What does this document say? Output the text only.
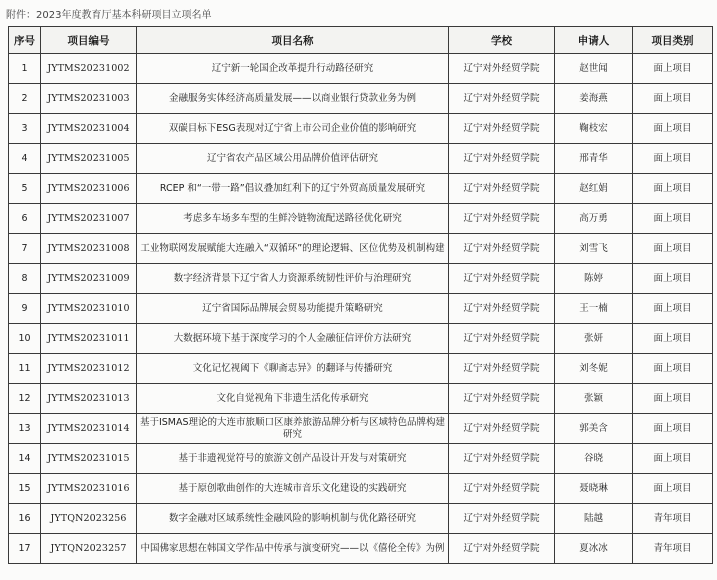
附件：2023年度教育厅基本科研项目立项名单
序号	项目编号	项目名称	学校	申请人	项目类别
1	JYTMS20231002	辽宁新一轮国企改革提升行动路径研究	辽宁对外经贸学院	赵世闻	面上项目
2	JYTMS20231003	金融服务实体经济高质量发展——以商业银行贷款业务为例	辽宁对外经贸学院	姜海燕	面上项目
3	JYTMS20231004	双碳目标下ESG表现对辽宁省上市公司企业价值的影响研究	辽宁对外经贸学院	鞠枝宏	面上项目
4	JYTMS20231005	辽宁省农产品区域公用品牌价值评估研究	辽宁对外经贸学院	邢青华	面上项目
5	JYTMS20231006	RCEP 和“一带一路”倡议叠加红利下的辽宁外贸高质量发展研究	辽宁对外经贸学院	赵红娟	面上项目
6	JYTMS20231007	考虑多车场多车型的生鲜冷链物流配送路径优化研究	辽宁对外经贸学院	高万勇	面上项目
7	JYTMS20231008	工业物联网发展赋能大连融入“双循环”的理论逻辑、区位优势及机制构建	辽宁对外经贸学院	刘雪飞	面上项目
8	JYTMS20231009	数字经济背景下辽宁省人力资源系统韧性评价与治理研究	辽宁对外经贸学院	陈婷	面上项目
9	JYTMS20231010	辽宁省国际品牌展会贸易功能提升策略研究	辽宁对外经贸学院	王一楠	面上项目
10	JYTMS20231011	大数据环境下基于深度学习的个人金融征信评价方法研究	辽宁对外经贸学院	张妍	面上项目
11	JYTMS20231012	文化记忆视阈下《聊斋志异》的翻译与传播研究	辽宁对外经贸学院	刘冬妮	面上项目
12	JYTMS20231013	文化自觉视角下非遗生活化传承研究	辽宁对外经贸学院	张颖	面上项目
13	JYTMS20231014	基于ISMAS理论的大连市旅顺口区康养旅游品牌分析与区域特色品牌构建研究	辽宁对外经贸学院	郭美含	面上项目
14	JYTMS20231015	基于非遗视觉符号的旅游文创产品设计开发与对策研究	辽宁对外经贸学院	谷晓	面上项目
15	JYTMS20231016	基于原创歌曲创作的大连城市音乐文化建设的实践研究	辽宁对外经贸学院	聂晓琳	面上项目
16	JYTQN2023256	数字金融对区域系统性金融风险的影响机制与优化路径研究	辽宁对外经贸学院	陆越	青年项目
17	JYTQN2023257	中国佛家思想在韩国文学作品中传承与演变研究——以《僖伦全传》为例	辽宁对外经贸学院	夏冰冰	青年项目
